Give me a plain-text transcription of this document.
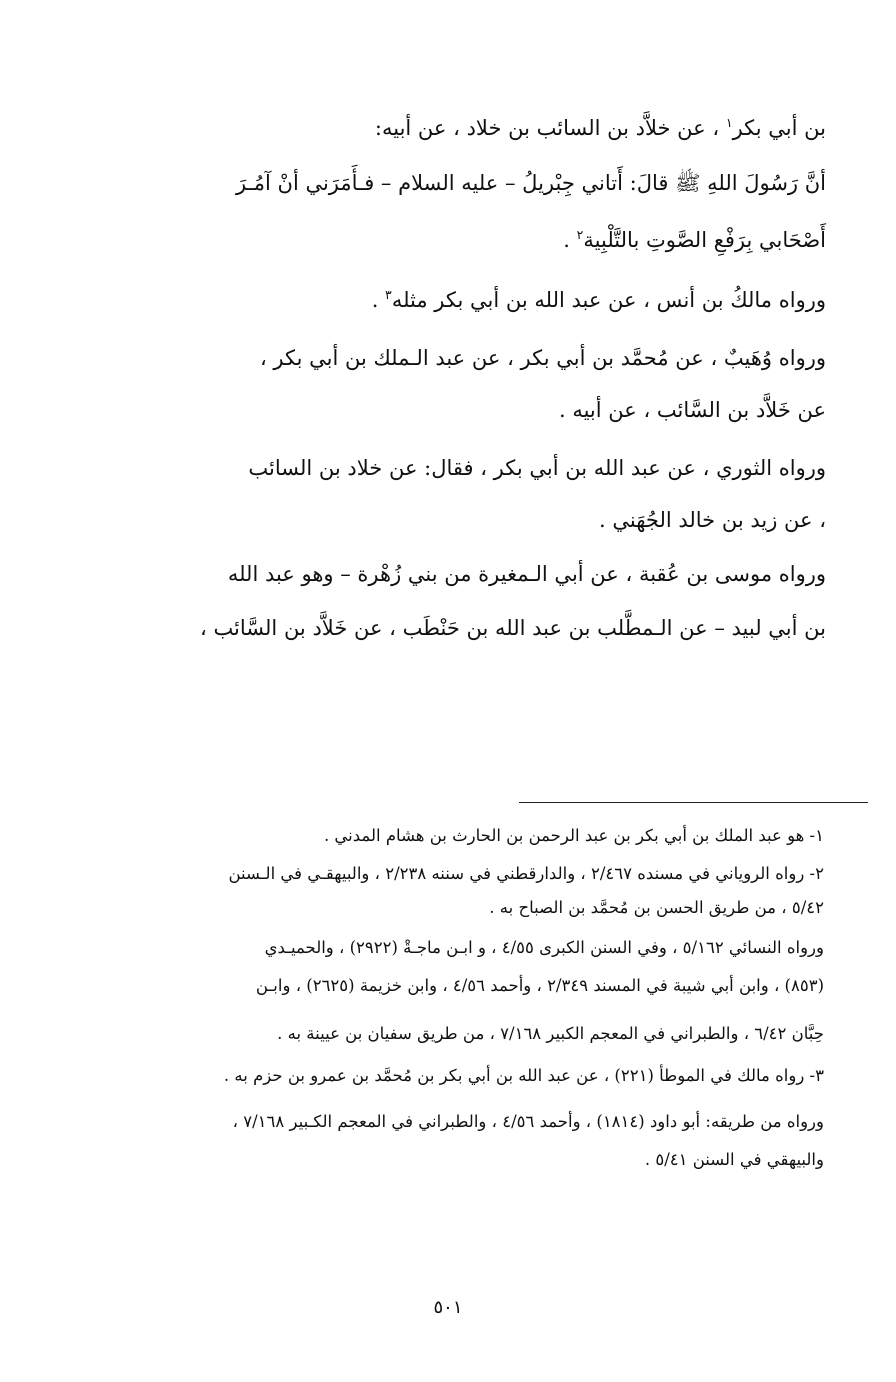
بن أبي بكر$^١$ ، عن خلاَّد بن السائب بن خلاد ، عن أبيه:
أنَّ رَسُولَ اللهِ ﷺ قالَ: أَتاني جِبْريلُ – عليه السلام – فـأَمَرَني أنْ آمُـرَ
أَصْحَابي بِرَفْعِ الصَّوتِ بالتَّلْبِية$^٢$ .
ورواه مالكُ بن أنس ، عن عبد الله بن أبي بكر مثله$^٣$ .
ورواه وُهَيبٌ ، عن مُحمَّد بن أبي بكر ، عن عبد الـملك بن أبي بكر ،
عن خَلاَّد بن السَّائب ، عن أبيه .
ورواه الثوري ، عن عبد الله بن أبي بكر ، فقال: عن خلاد بن السائب
، عن زيد بن خالد الجُهَني .
ورواه موسى بن عُقبة ، عن أبي الـمغيرة من بني زُهْرة – وهو عبد الله
بن أبي لبيد – عن الـمطَّلب بن عبد الله بن حَنْطَب ، عن خَلاَّد بن السَّائب ،
١- هو عبد الملك بن أبي بكر بن عبد الرحمن بن الحارث بن هشام المدني .
٢- رواه الروياني في مسنده ٢/٤٦٧ ، والدارقطني في سننه ٢/٢٣٨ ، والبيهقـي في الـسنن
٥/٤٢ ، من طريق الحسن بن مُحمَّد بن الصباح به .
ورواه النسائي ٥/١٦٢ ، وفي السنن الكبرى ٤/٥٥ ، و ابـن ماجـةْ (٢٩٢٢) ، والحميـدي
(٨٥٣) ، وابن أبي شيبة في المسند ٢/٣٤٩ ، وأحمد ٤/٥٦ ، وابن خزيمة (٢٦٢٥) ، وابـن
حِبَّان ٦/٤٢ ، والطبراني في المعجم الكبير ٧/١٦٨ ، من طريق سفيان بن عيينة به .
٣- رواه مالك في الموطأ (٢٢١) ، عن عبد الله بن أبي بكر بن مُحمَّد بن عمرو بن حزم به .
ورواه من طريقه: أبو داود (١٨١٤) ، وأحمد ٤/٥٦ ، والطبراني في المعجم الكـبير ٧/١٦٨ ،
والبيهقي في السنن ٥/٤١ .
٥٠١
